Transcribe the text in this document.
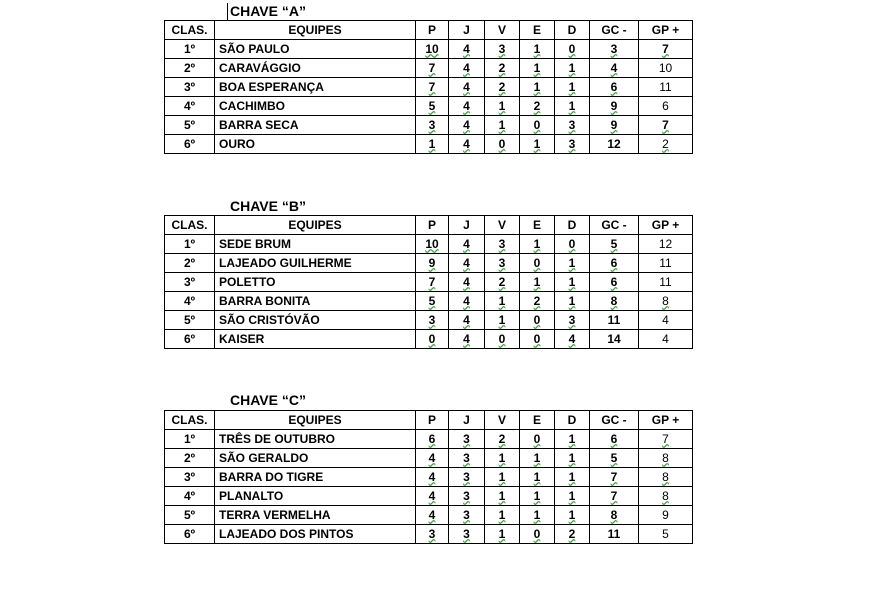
CHAVE “A”
CLAS.	EQUIPES	P	J	V	E	D	GC -	GP +
1º	SÃO PAULO	10	4	3	1	0	3	7
2º	CARAVÁGGIO	7	4	2	1	1	4	10
3º	BOA ESPERANÇA	7	4	2	1	1	6	11
4º	CACHIMBO	5	4	1	2	1	9	6
5º	BARRA SECA	3	4	1	0	3	9	7
6º	OURO	1	4	0	1	3	12	2
CHAVE “B”
CLAS.	EQUIPES	P	J	V	E	D	GC -	GP +
1º	SEDE BRUM	10	4	3	1	0	5	12
2º	LAJEADO GUILHERME	9	4	3	0	1	6	11
3º	POLETTO	7	4	2	1	1	6	11
4º	BARRA BONITA	5	4	1	2	1	8	8
5º	SÃO CRISTÓVÃO	3	4	1	0	3	11	4
6º	KAISER	0	4	0	0	4	14	4
CHAVE “C”
CLAS.	EQUIPES	P	J	V	E	D	GC -	GP +
1º	TRÊS DE OUTUBRO	6	3	2	0	1	6	7
2º	SÃO GERALDO	4	3	1	1	1	5	8
3º	BARRA DO TIGRE	4	3	1	1	1	7	8
4º	PLANALTO	4	3	1	1	1	7	8
5º	TERRA VERMELHA	4	3	1	1	1	8	9
6º	LAJEADO DOS PINTOS	3	3	1	0	2	11	5
